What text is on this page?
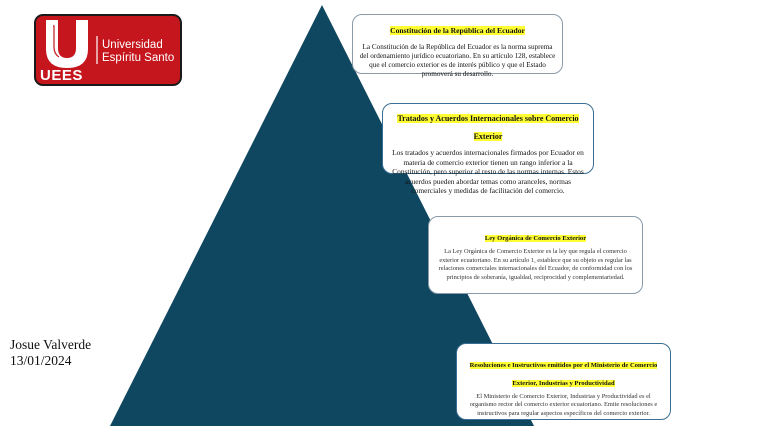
Universidad
Espíritu Santo
UEES
Constitución de la República del Ecuador
La Constitución de la República del Ecuador es la norma suprema del ordenamiento jurídico ecuatoriano. En su artículo 128, establece que el comercio exterior es de interés público y que el Estado promoverá su desarrollo.
Tratados y Acuerdos Internacionales sobre Comercio Exterior
Los tratados y acuerdos internacionales firmados por Ecuador en materia de comercio exterior tienen un rango inferior a la Constitución, pero superior al resto de las normas internas. Estos acuerdos pueden abordar temas como aranceles, normas comerciales y medidas de facilitación del comercio.
Ley Orgánica de Comercio Exterior
La Ley Orgánica de Comercio Exterior es la ley que regula el comercio exterior ecuatoriano. En su artículo 1, establece que su objeto es regular las relaciones comerciales internacionales del Ecuador, de conformidad con los principios de soberanía, igualdad, reciprocidad y complementariedad.
Resoluciones e Instructivos emitidos por el Ministerio de Comercio Exterior, Industrias y Productividad
El Ministerio de Comercio Exterior, Industrias y Productividad es el organismo rector del comercio exterior ecuatoriano. Emite resoluciones e instructivos para regular aspectos específicos del comercio exterior.
Josue Valverde
13/01/2024
